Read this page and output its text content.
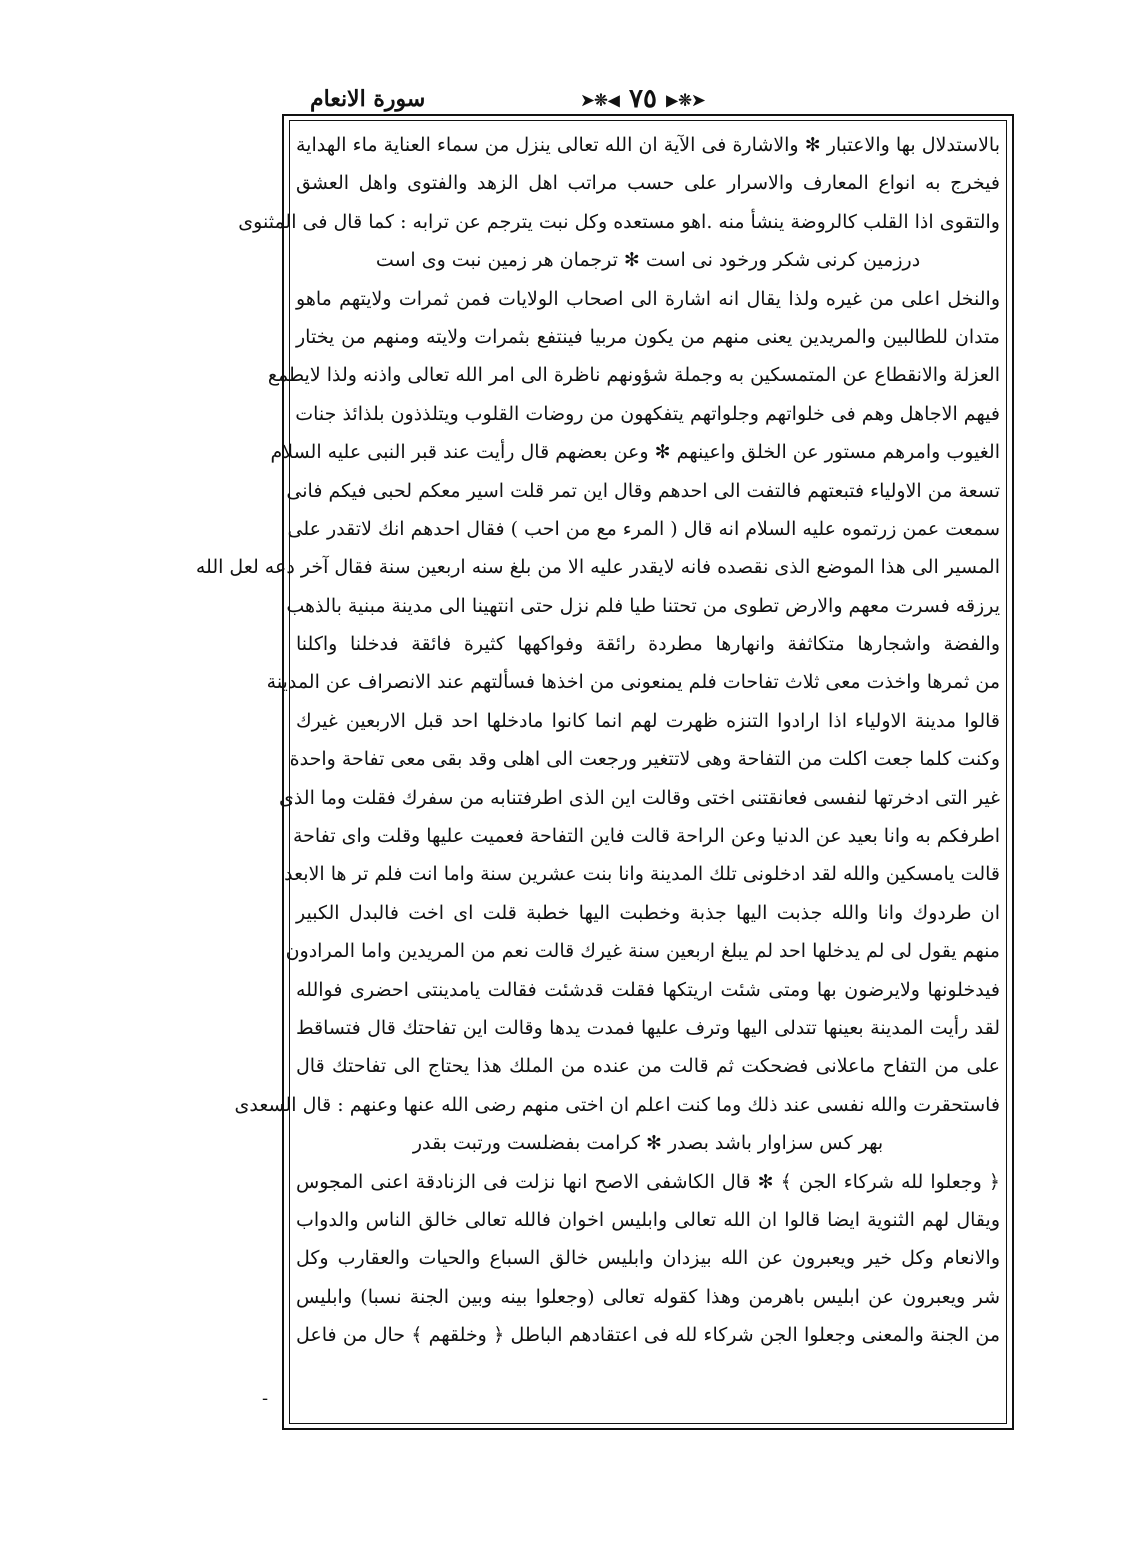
➤❊◀ ٧٥ ▶❊➤
سورة الانعام
بالاستدلال بها والاعتبار ✻ والاشارة فى الآية ان الله تعالى ينزل من سماء العناية ماء الهداية
فيخرج به انواع المعارف والاسرار على حسب مراتب اهل الزهد والفتوى واهل العشق
والتقوى اذا القلب كالروضة ينشأ منه .اهو مستعده وكل نبت يترجم عن ترابه : كما قال فى المثنوى
درزمين كرنى شكر ورخود نى است ✻ ترجمان هر زمين نبت وى است
والنخل اعلى من غيره ولذا يقال انه اشارة الى اصحاب الولايات فمن ثمرات ولايتهم ماهو
متدان للطالبين والمريدين يعنى منهم من يكون مربيا فينتفع بثمرات ولايته ومنهم من يختار
العزلة والانقطاع عن المتمسكين به وجملة شؤونهم ناظرة الى امر الله تعالى واذنه ولذا لايطمع
فيهم الاجاهل وهم فى خلواتهم وجلواتهم يتفكهون من روضات القلوب ويتلذذون بلذائذ جنات
الغيوب وامرهم مستور عن الخلق واعينهم ✻ وعن بعضهم قال رأيت عند قبر النبى عليه السلام
تسعة من الاولياء فتبعتهم فالتفت الى احدهم وقال اين تمر قلت اسير معكم لحبى فيكم فانى
سمعت عمن زرتموه عليه السلام انه قال ( المرء مع من احب ) فقال احدهم انك لاتقدر على
المسير الى هذا الموضع الذى نقصده فانه لايقدر عليه الا من بلغ سنه اربعين سنة فقال آخر دعه لعل الله
يرزقه فسرت معهم والارض تطوى من تحتنا طيا فلم نزل حتى انتهينا الى مدينة مبنية بالذهب
والفضة واشجارها متكاثفة وانهارها مطردة رائقة وفواكهها كثيرة فائقة فدخلنا واكلنا
من ثمرها واخذت معى ثلاث تفاحات فلم يمنعونى من اخذها فسألتهم عند الانصراف عن المدينة
قالوا مدينة الاولياء اذا ارادوا التنزه ظهرت لهم انما كانوا مادخلها احد قبل الاربعين غيرك
وكنت كلما جعت اكلت من التفاحة وهى لاتتغير ورجعت الى اهلى وقد بقى معى تفاحة واحدة
غير التى ادخرتها لنفسى فعانقتنى اختى وقالت اين الذى اطرفتنابه من سفرك فقلت وما الذى
اطرفكم به وانا بعيد عن الدنيا وعن الراحة قالت فاين التفاحة فعميت عليها وقلت واى تفاحة
قالت يامسكين والله لقد ادخلونى تلك المدينة وانا بنت عشرين سنة واما انت فلم تر ها الابعد
ان طردوك وانا والله جذبت اليها جذبة وخطبت اليها خطبة قلت اى اخت فالبدل الكبير
منهم يقول لى لم يدخلها احد لم يبلغ اربعين سنة غيرك قالت نعم من المريدين واما المرادون
فيدخلونها ولايرضون بها ومتى شئت اريتكها فقلت قدشئت فقالت يامدينتى احضرى فوالله
لقد رأيت المدينة بعينها تتدلى اليها وترف عليها فمدت يدها وقالت اين تفاحتك قال فتساقط
على من التفاح ماعلانى فضحكت ثم قالت من عنده من الملك هذا يحتاج الى تفاحتك قال
فاستحقرت والله نفسى عند ذلك وما كنت اعلم ان اختى منهم رضى الله عنها وعنهم : قال السعدى
بهر كس سزاوار باشد بصدر ✻ كرامت بفضلست ورتبت بقدر
﴿ وجعلوا لله شركاء الجن ﴾ ✻ قال الكاشفى الاصح انها نزلت فى الزنادقة اعنى المجوس
ويقال لهم الثنوية ايضا قالوا ان الله تعالى وابليس اخوان فالله تعالى خالق الناس والدواب
والانعام وكل خير ويعبرون عن الله بيزدان وابليس خالق السباع والحيات والعقارب وكل
شر ويعبرون عن ابليس باهرمن وهذا كقوله تعالى (وجعلوا بينه وبين الجنة نسبا) وابليس
من الجنة والمعنى وجعلوا الجن شركاء لله فى اعتقادهم الباطل ﴿ وخلقهم ﴾ حال من فاعل
-
